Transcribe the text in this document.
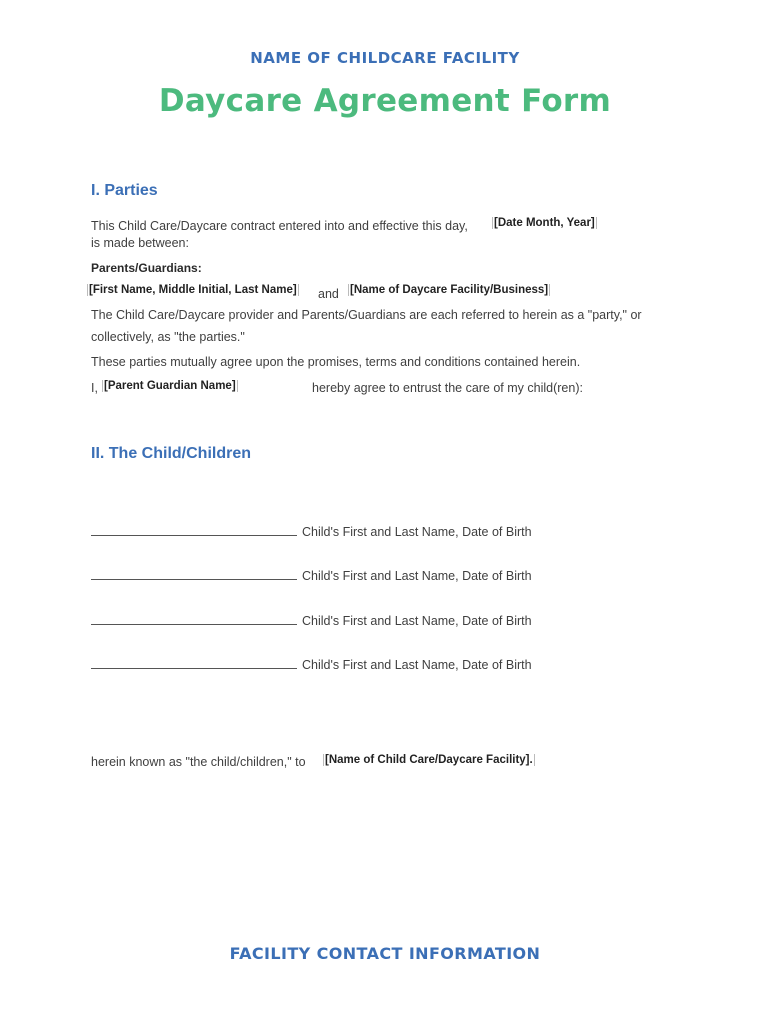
NAME OF CHILDCARE FACILITY
Daycare Agreement Form
I. Parties
This Child Care/Daycare contract entered into and effective this day, [Date Month, Year]
is made between:
Parents/Guardians:
[First Name, Middle Initial, Last Name] and [Name of Daycare Facility/Business]
The Child Care/Daycare provider and Parents/Guardians are each referred to herein as a "party," or
collectively, as "the parties."
These parties mutually agree upon the promises, terms and conditions contained herein.
I, [Parent Guardian Name]	hereby agree to entrust the care of my child(ren):
II. The Child/Children
Child's First and Last Name, Date of Birth
Child's First and Last Name, Date of Birth
Child's First and Last Name, Date of Birth
Child's First and Last Name, Date of Birth
herein known as "the child/children," to [Name of Child Care/Daycare Facility].
FACILITY CONTACT INFORMATION
